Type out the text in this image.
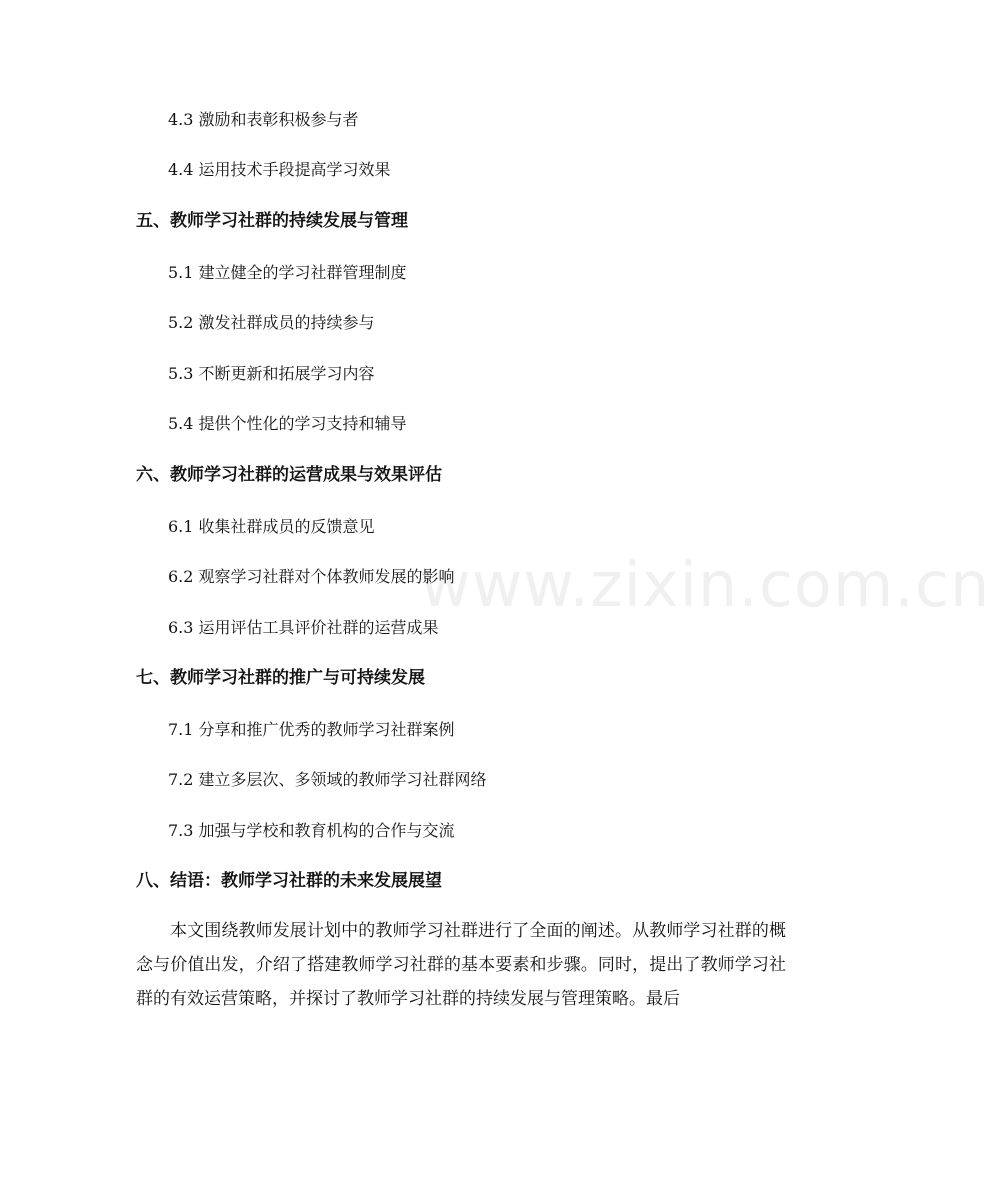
4.3 激励和表彰积极参与者
4.4 运用技术手段提高学习效果
五、教师学习社群的持续发展与管理
5.1 建立健全的学习社群管理制度
5.2 激发社群成员的持续参与
5.3 不断更新和拓展学习内容
5.4 提供个性化的学习支持和辅导
六、教师学习社群的运营成果与效果评估
6.1 收集社群成员的反馈意见
6.2 观察学习社群对个体教师发展的影响
6.3 运用评估工具评价社群的运营成果
七、教师学习社群的推广与可持续发展
7.1 分享和推广优秀的教师学习社群案例
7.2 建立多层次、多领域的教师学习社群网络
7.3 加强与学校和教育机构的合作与交流
八、结语：教师学习社群的未来发展展望

本文围绕教师发展计划中的教师学习社群进行了全面的阐述。从教师学习社群的概念与价值出发，介绍了搭建教师学习社群的基本要素和步骤。同时，提出了教师学习社群的有效运营策略，并探讨了教师学习社群的持续发展与管理策略。最后

www.zixin.com.cn
